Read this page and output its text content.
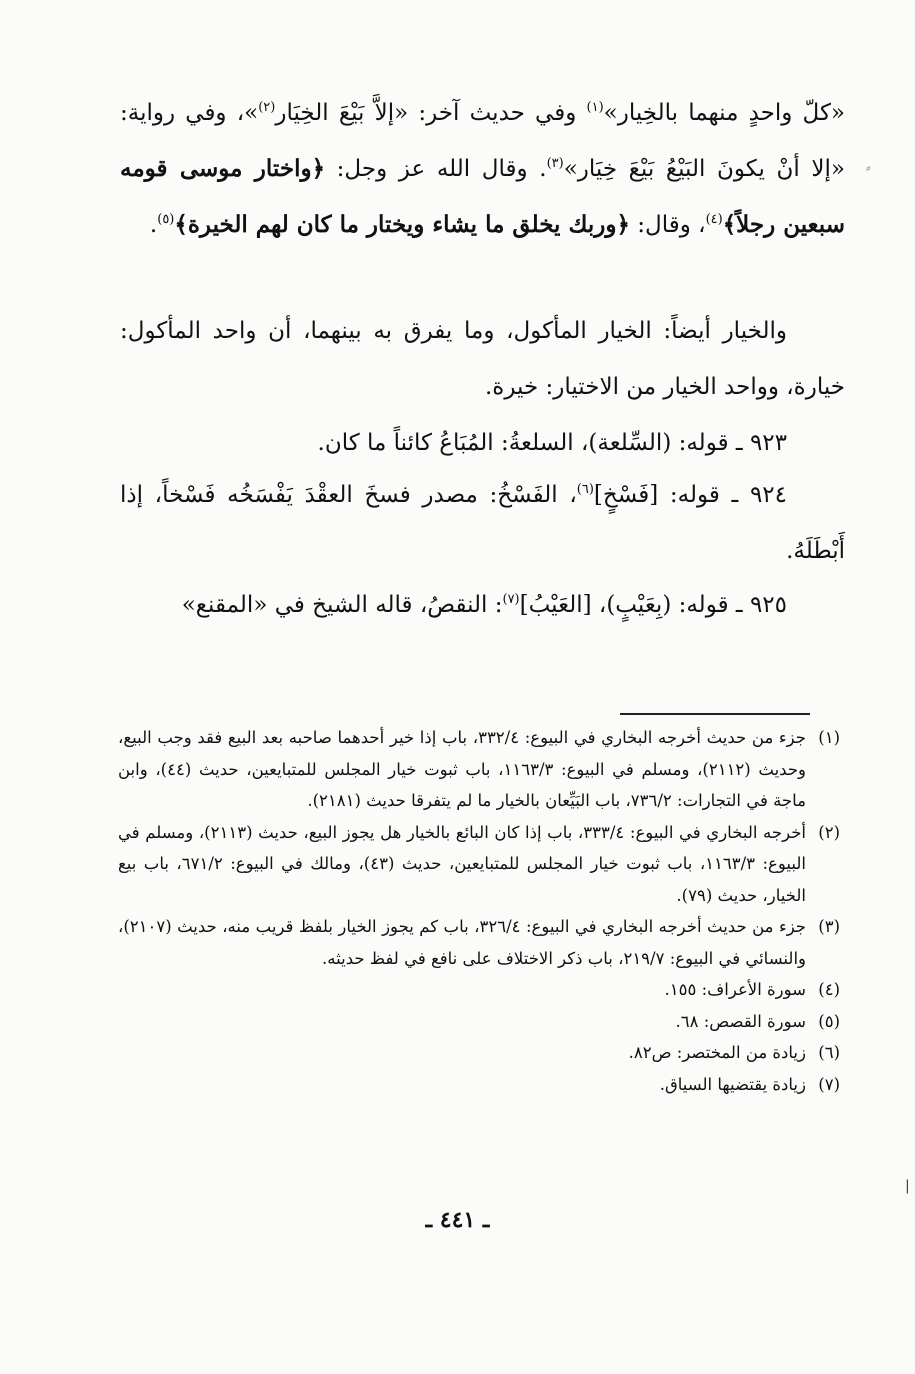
«كلّ واحدٍ منهما بالخِيار»$^{(١)}$ وفي حديث آخر: «إلاَّ بَيْعَ الخِيَار$^{(٢)}$»، وفي رواية: «إلا أنْ يكونَ البَيْعُ بَيْعَ خِيَار»$^{(٣)}$. وقال الله عز وجل: ﴿واختار موسى قومه سبعين رجلاً﴾$^{(٤)}$، وقال: ﴿وربك يخلق ما يشاء ويختار ما كان لهم الخيرة﴾$^{(٥)}$.
والخيار أيضاً: الخيار المأكول، وما يفرق به بينهما، أن واحد المأكول: خيارة، وواحد الخيار من الاختيار: خيرة.
٩٢٣ ـ قوله: (السِّلعة)، السلعةُ: المُبَاعُ كائناً ما كان.
٩٢٤ ـ قوله: [فَسْخٍ]$^{(٦)}$، الفَسْخُ: مصدر فسخَ العقْدَ يَفْسَخُه فَسْخاً، إذا أَبْطَلَهُ.
٩٢٥ ـ قوله: (بِعَيْبٍ)، [العَيْبُ]$^{(٧)}$: النقصُ، قاله الشيخ في «المقنع»
(١)
جزء من حديث أخرجه البخاري في البيوع: ٣٣٢/٤، باب إذا خير أحدهما صاحبه بعد البيع فقد وجب البيع، وحديث (٢١١٢)، ومسلم في البيوع: ١١٦٣/٣، باب ثبوت خيار المجلس للمتبايعين، حديث (٤٤)، وابن ماجة في التجارات: ٧٣٦/٢، باب البَيِّعان بالخيار ما لم يتفرقا حديث (٢١٨١).
(٢)
أخرجه البخاري في البيوع: ٣٣٣/٤، باب إذا كان البائع بالخيار هل يجوز البيع، حديث (٢١١٣)، ومسلم في البيوع: ١١٦٣/٣، باب ثبوت خيار المجلس للمتبايعين، حديث (٤٣)، ومالك في البيوع: ٦٧١/٢، باب بيع الخيار، حديث (٧٩).
(٣)
جزء من حديث أخرجه البخاري في البيوع: ٣٢٦/٤، باب كم يجوز الخيار بلفظ قريب منه، حديث (٢١٠٧)، والنسائي في البيوع: ٢١٩/٧، باب ذكر الاختلاف على نافع في لفظ حديثه.
(٤)
سورة الأعراف: ١٥٥.
(٥)
سورة القصص: ٦٨.
(٦)
زيادة من المختصر: ص٨٢.
(٧)
زيادة يقتضيها السياق.
ـ ٤٤١ ـ
⸗
|
